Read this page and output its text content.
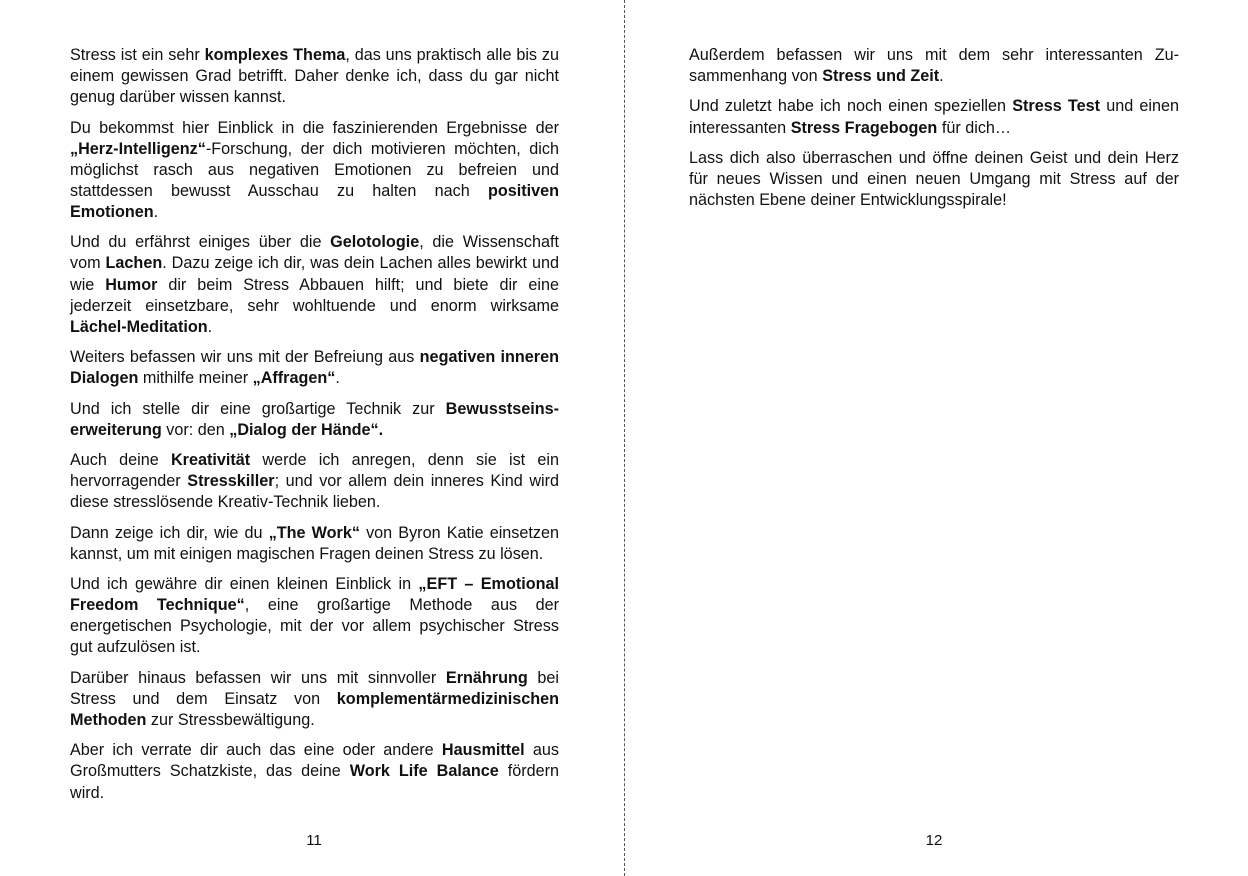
Stress ist ein sehr komplexes Thema, das uns praktisch alle bis zu einem gewissen Grad betrifft. Daher denke ich, dass du gar nicht genug darüber wissen kannst.

Du bekommst hier Einblick in die faszinierenden Ergebnisse der „Herz-Intelligenz“-Forschung, der dich motivieren möchten, dich möglichst rasch aus negativen Emotionen zu befreien und stattdessen bewusst Ausschau zu halten nach positiven Emotionen.

Und du erfährst einiges über die Gelotologie, die Wissenschaft vom Lachen. Dazu zeige ich dir, was dein Lachen alles bewirkt und wie Humor dir beim Stress Abbauen hilft; und biete dir eine jederzeit einsetzbare, sehr wohltuende und enorm wirksame Lächel-Meditation.

Weiters befassen wir uns mit der Befreiung aus negativen inneren Dialogen mithilfe meiner „Affragen“.

Und ich stelle dir eine großartige Technik zur Bewusstseinserweiterung vor: den „Dialog der Hände“.

Auch deine Kreativität werde ich anregen, denn sie ist ein hervorragender Stresskiller; und vor allem dein inneres Kind wird diese stresslösende Kreativ-Technik lieben.

Dann zeige ich dir, wie du „The Work“ von Byron Katie einsetzen kannst, um mit einigen magischen Fragen deinen Stress zu lösen.

Und ich gewähre dir einen kleinen Einblick in „EFT – Emotional Freedom Technique“, eine großartige Methode aus der energetischen Psychologie, mit der vor allem psychischer Stress gut aufzulösen ist.

Darüber hinaus befassen wir uns mit sinnvoller Ernährung bei Stress und dem Einsatz von komplementärmedizinischen Methoden zur Stressbewältigung.

Aber ich verrate dir auch das eine oder andere Hausmittel aus Großmutters Schatzkiste, das deine Work Life Balance fördern wird.

11

Außerdem befassen wir uns mit dem sehr interessanten Zusammenhang von Stress und Zeit.

Und zuletzt habe ich noch einen speziellen Stress Test und einen interessanten Stress Fragebogen für dich…

Lass dich also überraschen und öffne deinen Geist und dein Herz für neues Wissen und einen neuen Umgang mit Stress auf der nächsten Ebene deiner Entwicklungsspirale!

12
